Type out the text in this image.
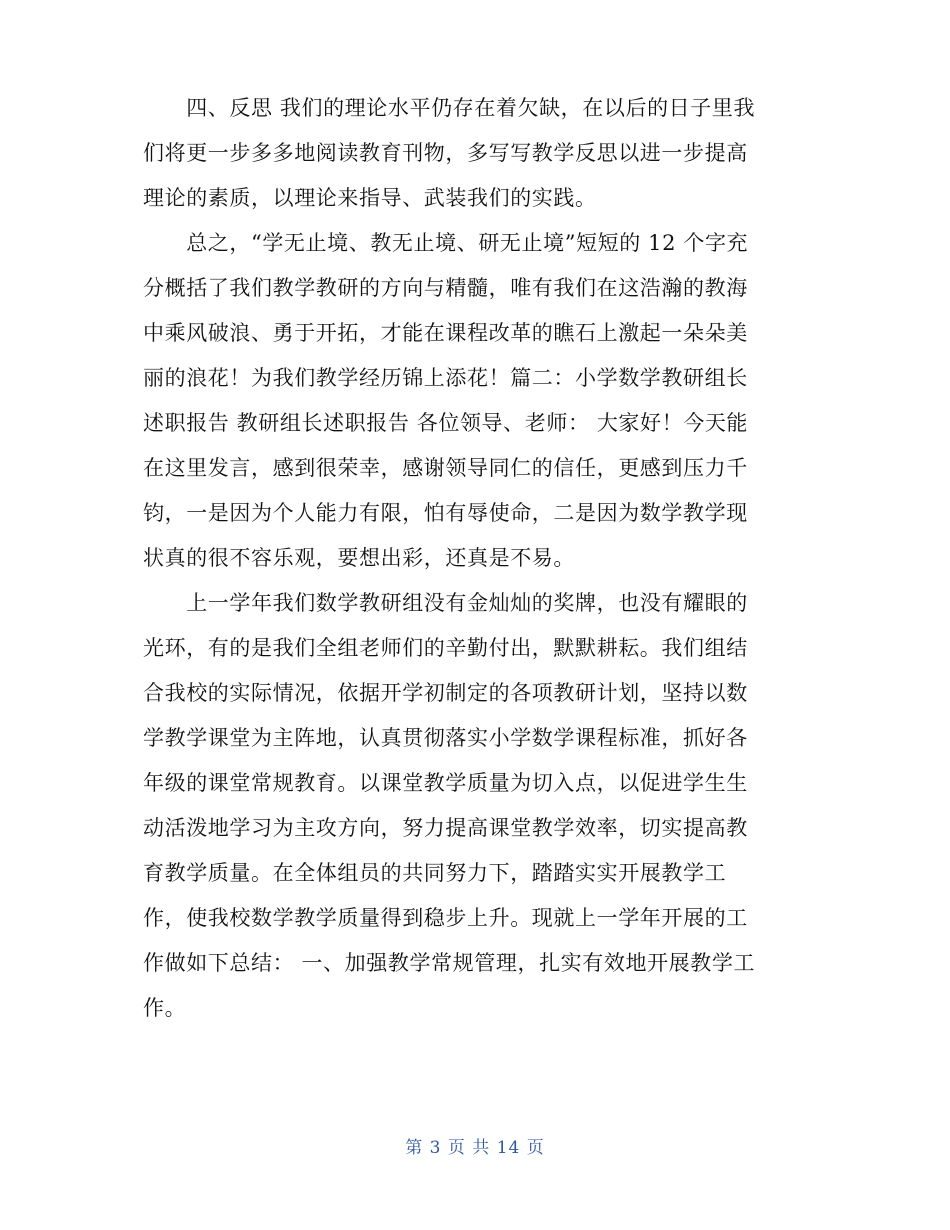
　　四、反思 我们的理论水平仍存在着欠缺，在以后的日子里我
们将更一步多多地阅读教育刊物，多写写教学反思以进一步提高
理论的素质，以理论来指导、武装我们的实践。
　　总之，“学无止境、教无止境、研无止境”短短的 12 个字充
分概括了我们教学教研的方向与精髓，唯有我们在这浩瀚的教海
中乘风破浪、勇于开拓，才能在课程改革的瞧石上激起一朵朵美
丽的浪花！为我们教学经历锦上添花！篇二：小学数学教研组长
述职报告 教研组长述职报告 各位领导、老师： 大家好！今天能
在这里发言，感到很荣幸，感谢领导同仁的信任，更感到压力千
钧，一是因为个人能力有限，怕有辱使命，二是因为数学教学现
状真的很不容乐观，要想出彩，还真是不易。
　　上一学年我们数学教研组没有金灿灿的奖牌，也没有耀眼的
光环，有的是我们全组老师们的辛勤付出，默默耕耘。我们组结
合我校的实际情况，依据开学初制定的各项教研计划，坚持以数
学教学课堂为主阵地，认真贯彻落实小学数学课程标准，抓好各
年级的课堂常规教育。以课堂教学质量为切入点，以促进学生生
动活泼地学习为主攻方向，努力提高课堂教学效率，切实提高教
育教学质量。在全体组员的共同努力下，踏踏实实开展教学工
作，使我校数学教学质量得到稳步上升。现就上一学年开展的工
作做如下总结： 一、加强教学常规管理，扎实有效地开展教学工
作。
第 3 页 共 14 页
